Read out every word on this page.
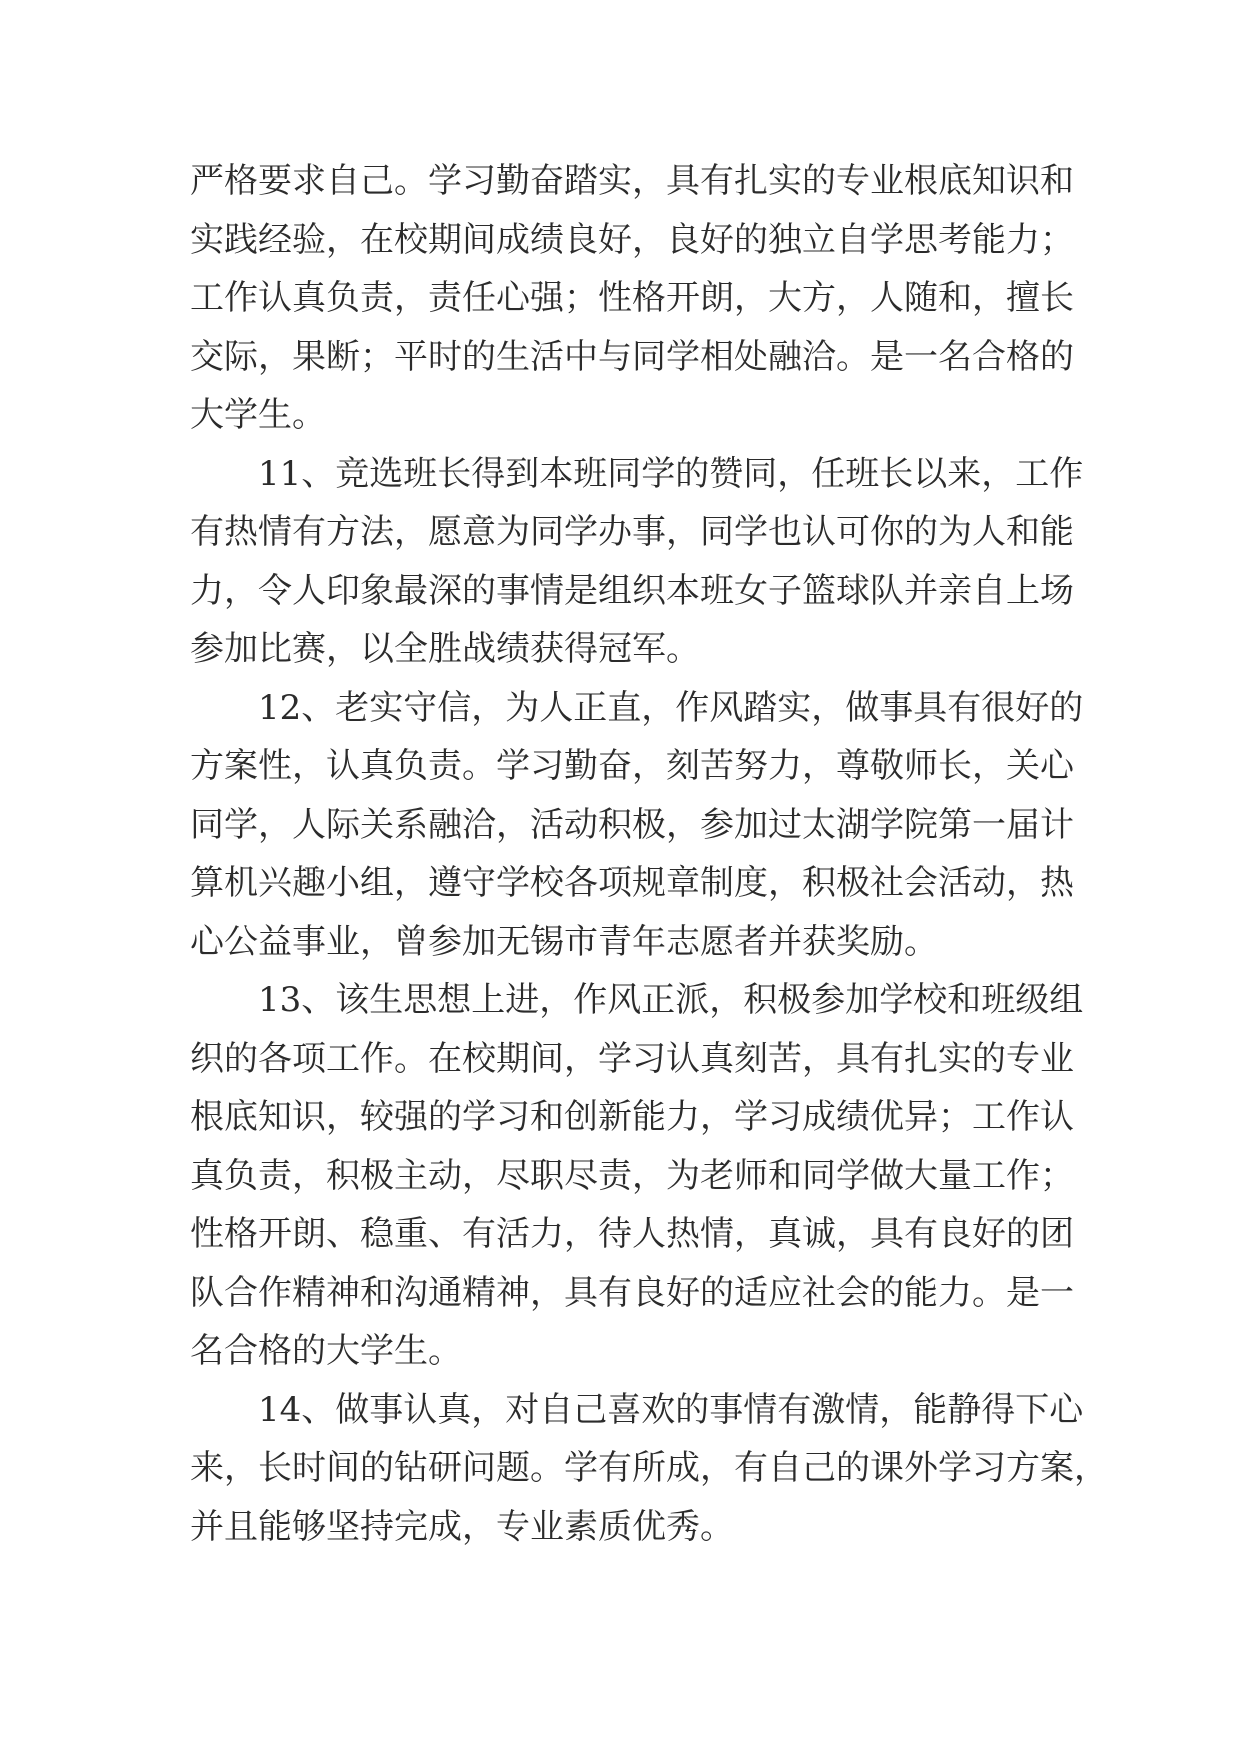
严格要求自己。学习勤奋踏实，具有扎实的专业根底知识和
实践经验，在校期间成绩良好，良好的独立自学思考能力；
工作认真负责，责任心强；性格开朗，大方，人随和，擅长
交际，果断；平时的生活中与同学相处融洽。是一名合格的
大学生。
11、竞选班长得到本班同学的赞同，任班长以来，工作
有热情有方法，愿意为同学办事，同学也认可你的为人和能
力，令人印象最深的事情是组织本班女子篮球队并亲自上场
参加比赛，以全胜战绩获得冠军。
12、老实守信，为人正直，作风踏实，做事具有很好的
方案性，认真负责。学习勤奋，刻苦努力，尊敬师长，关心
同学，人际关系融洽，活动积极，参加过太湖学院第一届计
算机兴趣小组，遵守学校各项规章制度，积极社会活动，热
心公益事业，曾参加无锡市青年志愿者并获奖励。
13、该生思想上进，作风正派，积极参加学校和班级组
织的各项工作。在校期间，学习认真刻苦，具有扎实的专业
根底知识，较强的学习和创新能力，学习成绩优异；工作认
真负责，积极主动，尽职尽责，为老师和同学做大量工作；
性格开朗、稳重、有活力，待人热情，真诚，具有良好的团
队合作精神和沟通精神，具有良好的适应社会的能力。是一
名合格的大学生。
14、做事认真，对自己喜欢的事情有激情，能静得下心
来，长时间的钻研问题。学有所成，有自己的课外学习方案，
并且能够坚持完成，专业素质优秀。
